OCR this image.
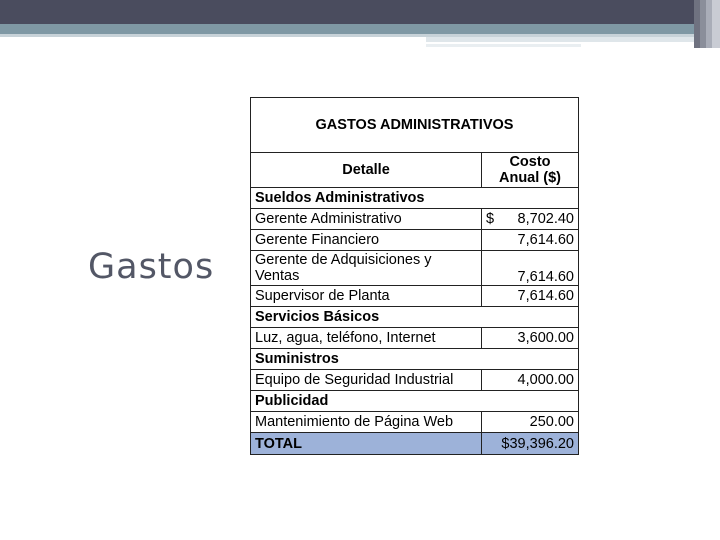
Gastos
GASTOS ADMINISTRATIVOS	
Detalle	Costo
Anual ($)

Sueldos Administrativos	
Gerente Administrativo	$ 8,702.40

Gerente Financiero	7,614.60

Gerente de Adquisiciones y
Ventas	7,614.60
Supervisor de Planta	7,614.60
Servicios Básicos	
Luz, agua, teléfono, Internet	3,600.00
Suministros	
Equipo de Seguridad Industrial	4,000.00
Publicidad	
Mantenimiento de Página Web	250.00
TOTAL	$39,396.20
